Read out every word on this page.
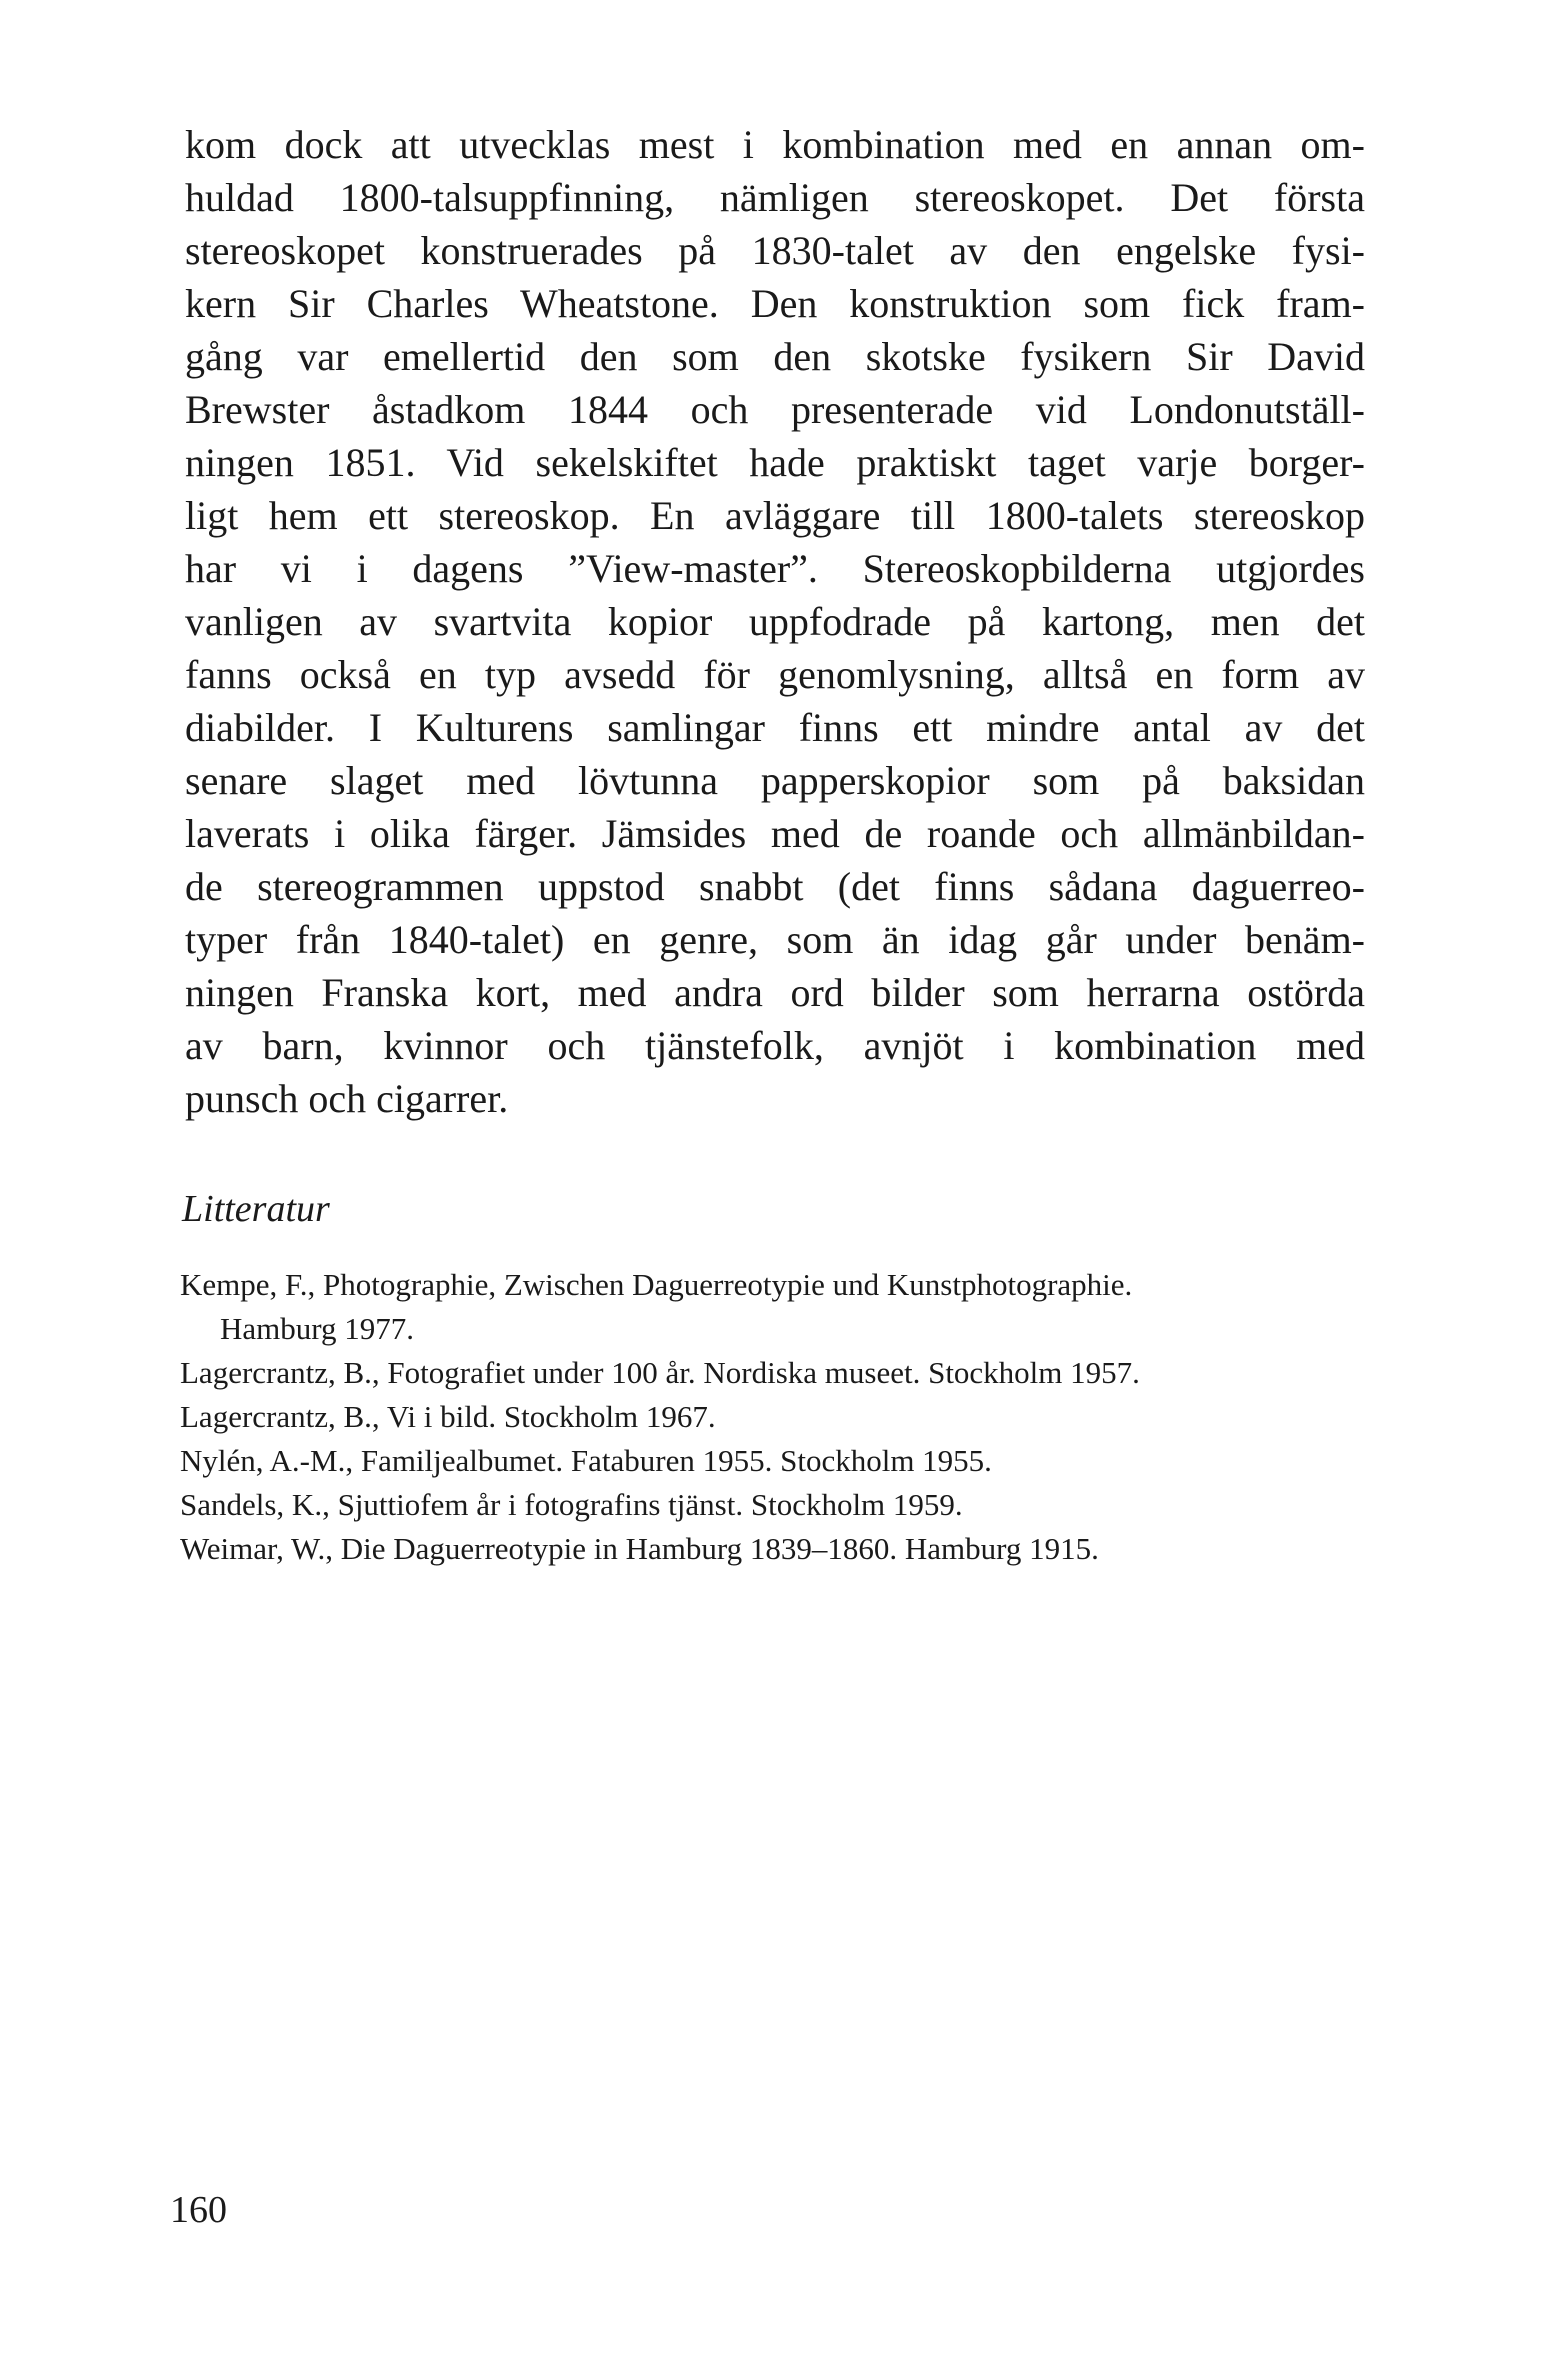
kom dock att utvecklas mest i kombination med en annan om-
huldad 1800-talsuppfinning, nämligen stereoskopet. Det första
stereoskopet konstruerades på 1830-talet av den engelske fysi-
kern Sir Charles Wheatstone. Den konstruktion som fick fram-
gång var emellertid den som den skotske fysikern Sir David
Brewster åstadkom 1844 och presenterade vid Londonutställ-
ningen 1851. Vid sekelskiftet hade praktiskt taget varje borger-
ligt hem ett stereoskop. En avläggare till 1800-talets stereoskop
har vi i dagens ”View-master”. Stereoskopbilderna utgjordes
vanligen av svartvita kopior uppfodrade på kartong, men det
fanns också en typ avsedd för genomlysning, alltså en form av
diabilder. I Kulturens samlingar finns ett mindre antal av det
senare slaget med lövtunna papperskopior som på baksidan
laverats i olika färger. Jämsides med de roande och allmänbildan-
de stereogrammen uppstod snabbt (det finns sådana daguerreo-
typer från 1840-talet) en genre, som än idag går under benäm-
ningen Franska kort, med andra ord bilder som herrarna ostörda
av barn, kvinnor och tjänstefolk, avnjöt i kombination med
punsch och cigarrer.
Litteratur
Kempe, F., Photographie, Zwischen Daguerreotypie und Kunstphotographie.
Hamburg 1977.
Lagercrantz, B., Fotografiet under 100 år. Nordiska museet. Stockholm 1957.
Lagercrantz, B., Vi i bild. Stockholm 1967.
Nylén, A.-M., Familjealbumet. Fataburen 1955. Stockholm 1955.
Sandels, K., Sjuttiofem år i fotografins tjänst. Stockholm 1959.
Weimar, W., Die Daguerreotypie in Hamburg 1839–1860. Hamburg 1915.

160
